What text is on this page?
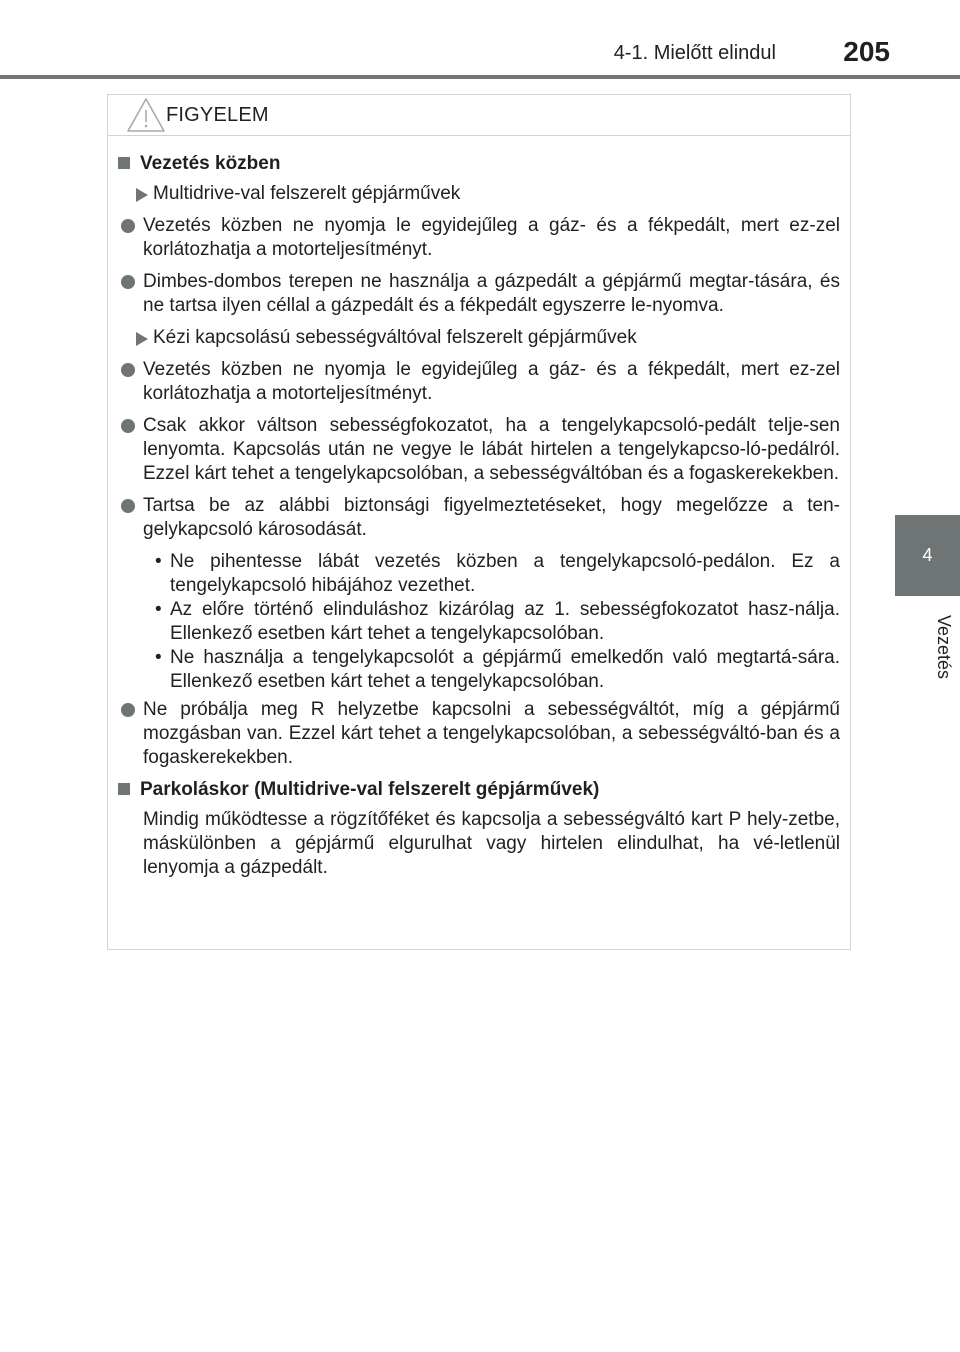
4-1. Mielőtt elindul	205
4
Vezetés
FIGYELEM
Vezetés közben
Multidrive-val felszerelt gépjárművek
Vezetés közben ne nyomja le egyidejűleg a gáz- és a fékpedált, mert ez-zel korlátozhatja a motorteljesítményt.
Dimbes-dombos terepen ne használja a gázpedált a gépjármű megtar-tására, és ne tartsa ilyen céllal a gázpedált és a fékpedált egyszerre le-nyomva.
Kézi kapcsolású sebességváltóval felszerelt gépjárművek
Vezetés közben ne nyomja le egyidejűleg a gáz- és a fékpedált, mert ez-zel korlátozhatja a motorteljesítményt.
Csak akkor váltson sebességfokozatot, ha a tengelykapcsoló-pedált telje-sen lenyomta. Kapcsolás után ne vegye le lábát hirtelen a tengelykapcso-ló-pedálról. Ezzel kárt tehet a tengelykapcsolóban, a sebességváltóban és a fogaskerekekben.
Tartsa be az alábbi biztonsági figyelmeztetéseket, hogy megelőzze a ten-gelykapcsoló károsodását.
• Ne pihentesse lábát vezetés közben a tengelykapcsoló-pedálon. Ez a tengelykapcsoló hibájához vezethet.
• Az előre történő elinduláshoz kizárólag az 1. sebességfokozatot hasz-nálja. Ellenkező esetben kárt tehet a tengelykapcsolóban.
• Ne használja a tengelykapcsolót a gépjármű emelkedőn való megtartá-sára. Ellenkező esetben kárt tehet a tengelykapcsolóban.
Ne próbálja meg R helyzetbe kapcsolni a sebességváltót, míg a gépjármű mozgásban van. Ezzel kárt tehet a tengelykapcsolóban, a sebességváltó-ban és a fogaskerekekben.
Parkoláskor (Multidrive-val felszerelt gépjárművek)
Mindig működtesse a rögzítőféket és kapcsolja a sebességváltó kart P hely-zetbe, máskülönben a gépjármű elgurulhat vagy hirtelen elindulhat, ha vé-letlenül lenyomja a gázpedált.
